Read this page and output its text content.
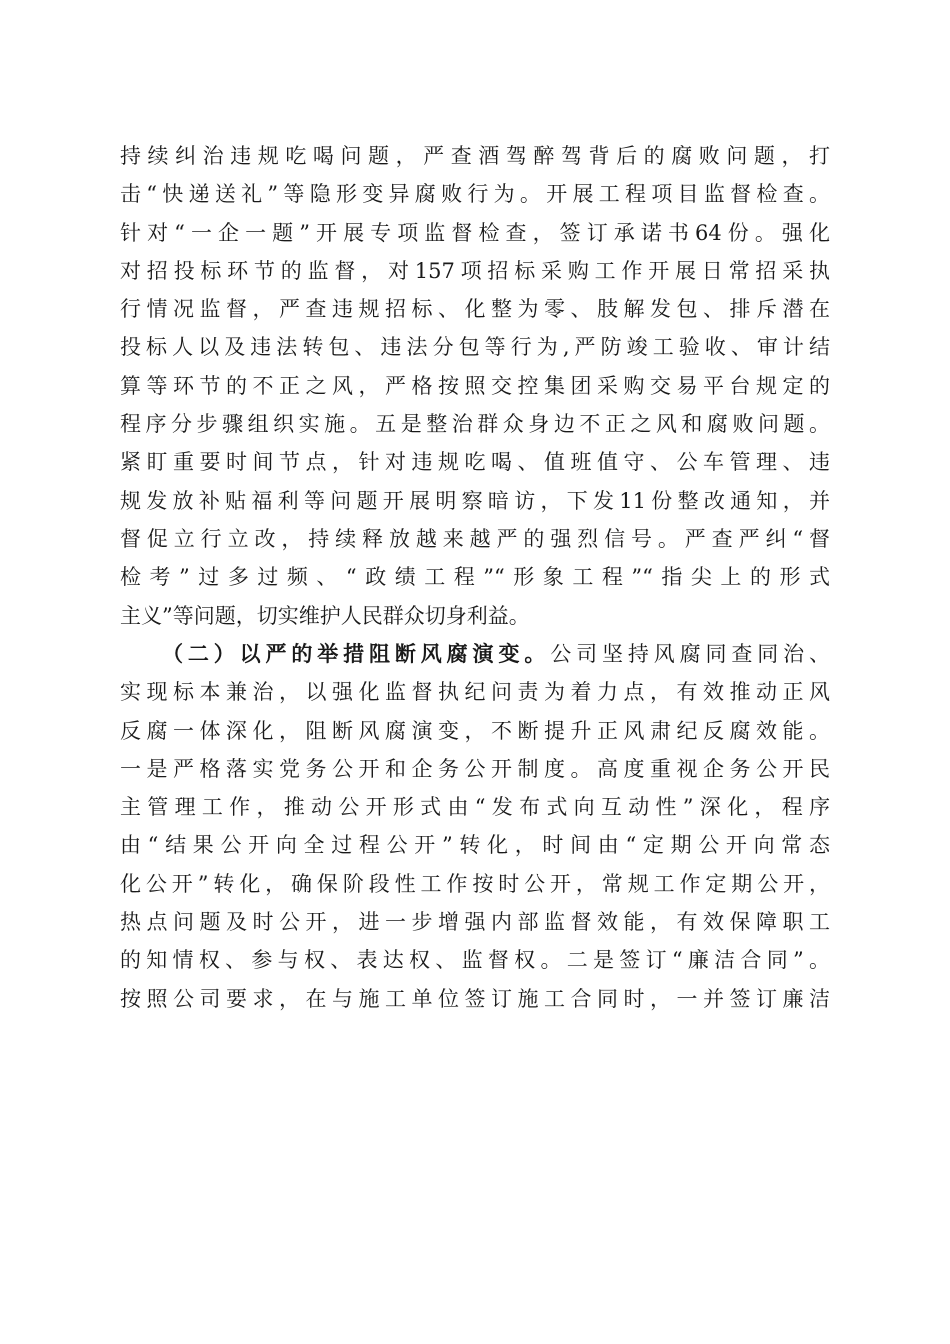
持续纠治违规吃喝问题，严查酒驾醉驾背后的腐败问题，打
击“快递送礼”等隐形变异腐败行为。开展工程项目监督检查。
针对“一企一题”开展专项监督检查，签订承诺书64份。强化
对招投标环节的监督，对157项招标采购工作开展日常招采执
行情况监督，严查违规招标、化整为零、肢解发包、排斥潜在
投标人以及违法转包、违法分包等行为,严防竣工验收、审计结
算等环节的不正之风，严格按照交控集团采购交易平台规定的
程序分步骤组织实施。五是整治群众身边不正之风和腐败问题。
紧盯重要时间节点，针对违规吃喝、值班值守、公车管理、违
规发放补贴福利等问题开展明察暗访，下发11份整改通知，并
督促立行立改，持续释放越来越严的强烈信号。严查严纠“督
检考”过多过频、“政绩工程”“形象工程”“指尖上的形式
主义”等问题，切实维护人民群众切身利益。
（二）以严的举措阻断风腐演变。公司坚持风腐同查同治、
实现标本兼治，以强化监督执纪问责为着力点，有效推动正风
反腐一体深化，阻断风腐演变，不断提升正风肃纪反腐效能。
一是严格落实党务公开和企务公开制度。高度重视企务公开民
主管理工作，推动公开形式由“发布式向互动性”深化，程序
由“结果公开向全过程公开”转化，时间由“定期公开向常态
化公开”转化，确保阶段性工作按时公开，常规工作定期公开，
热点问题及时公开，进一步增强内部监督效能，有效保障职工
的知情权、参与权、表达权、监督权。二是签订“廉洁合同”。
按照公司要求，在与施工单位签订施工合同时，一并签订廉洁
